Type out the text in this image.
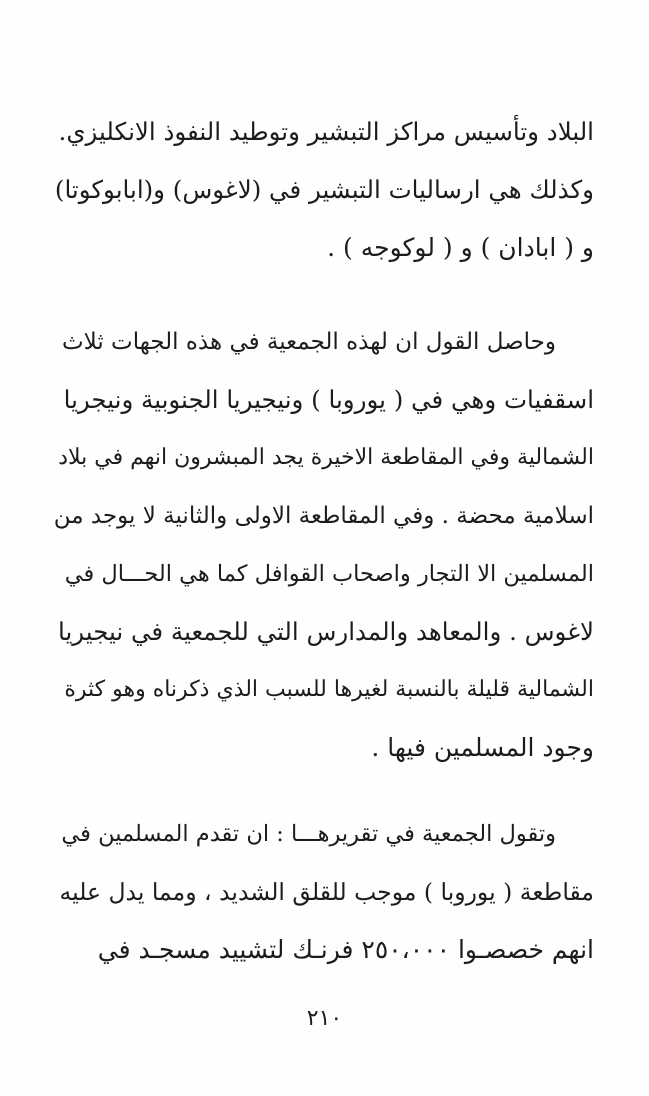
البلاد وتأسيس مراكز التبشير وتوطيد النفوذ الانكليزي.
وكذلك هي ارساليات التبشير في (لاغوس) و(ابابوكوتا)
و ( ابادان ) و ( لوكوجه ) .
وحاصل القول ان لهذه الجمعية في هذه الجهات ثلاث
اسقفيات وهي في ( يوروبا ) ونيجيريا الجنوبية ونيجريا
الشمالية وفي المقاطعة الاخيرة يجد المبشرون انهم في بلاد
اسلامية محضة . وفي المقاطعة الاولى والثانية لا يوجد من
المسلمين الا التجار واصحاب القوافل كما هي الحـــال في
لاغوس . والمعاهد والمدارس التي للجمعية في نيجيريا
الشمالية قليلة بالنسبة لغيرها للسبب الذي ذكرناه وهو كثرة
وجود المسلمين فيها .
وتقول الجمعية في تقريرهـــا : ان تقدم المسلمين في
مقاطعة ( يوروبا ) موجب للقلق الشديد ، ومما يدل عليه
انهم خصصـوا ٢٥٠،٠٠٠ فرنـك لتشييد مسجـد في
٢١٠
